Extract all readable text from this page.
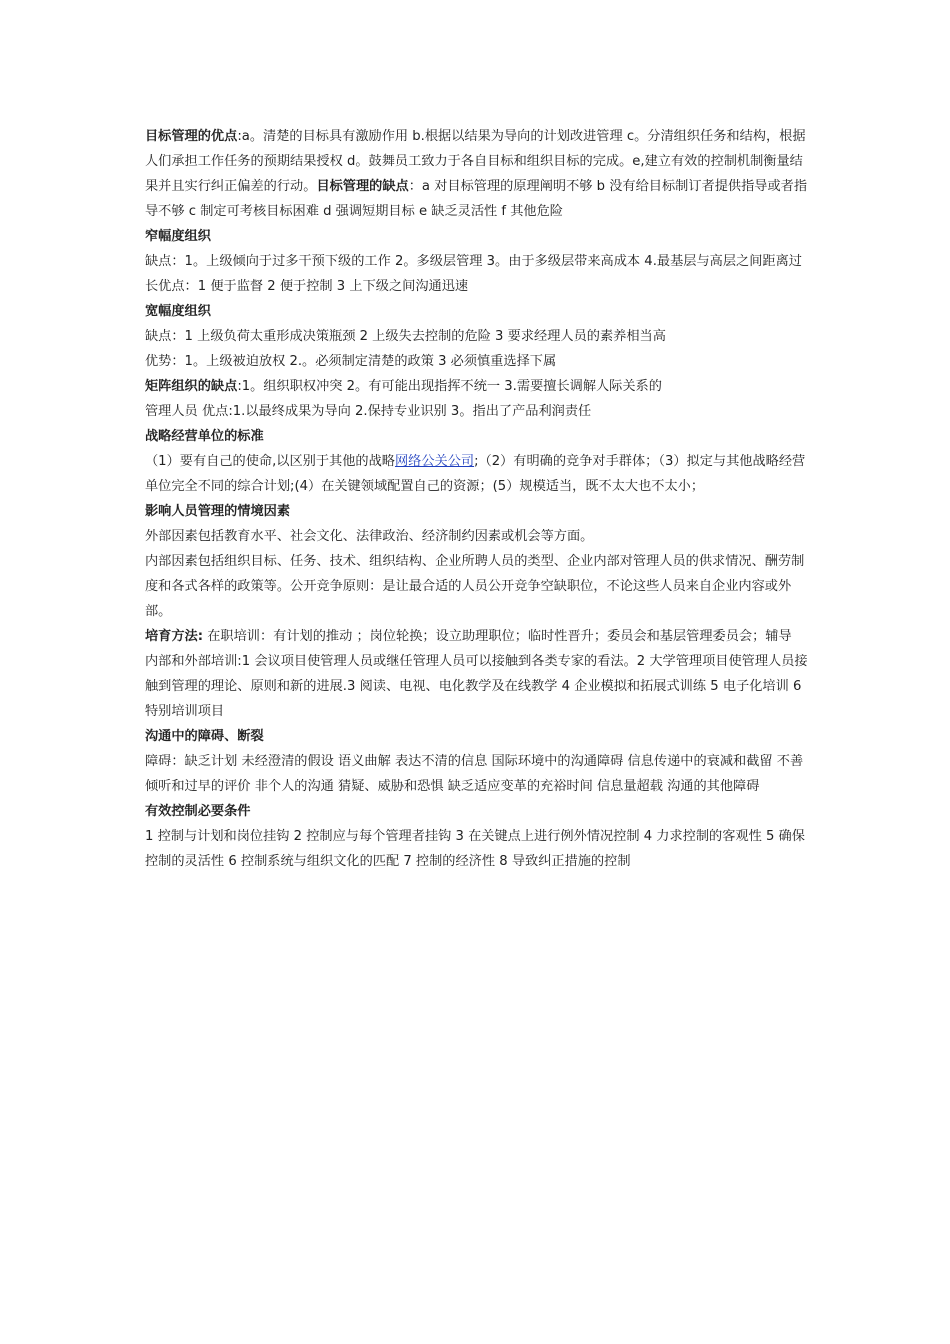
目标管理的优点:a。清楚的目标具有激励作用 b.根据以结果为导向的计划改进管理 c。分清组织任务和结构，根据人们承担工作任务的预期结果授权 d。鼓舞员工致力于各自目标和组织目标的完成。e,建立有效的控制机制衡量结果并且实行纠正偏差的行动。目标管理的缺点：a 对目标管理的原理阐明不够 b 没有给目标制订者提供指导或者指导不够 c 制定可考核目标困难 d 强调短期目标 e 缺乏灵活性 f 其他危险

窄幅度组织

缺点：1。上级倾向于过多干预下级的工作 2。多级层管理 3。由于多级层带来高成本 4.最基层与高层之间距离过长优点：1 便于监督 2 便于控制 3 上下级之间沟通迅速

宽幅度组织

缺点：1 上级负荷太重形成决策瓶颈 2 上级失去控制的危险 3 要求经理人员的素养相当高

优势：1。上级被迫放权 2.。必须制定清楚的政策 3 必须慎重选择下属

矩阵组织的缺点:1。组织职权冲突 2。有可能出现指挥不统一 3.需要擅长调解人际关系的

管理人员 优点:1.以最终成果为导向 2.保持专业识别 3。指出了产品利润责任

战略经营单位的标准

（1）要有自己的使命,以区别于其他的战略网络公关公司;（2）有明确的竞争对手群体；（3）拟定与其他战略经营单位完全不同的综合计划;(4）在关键领域配置自己的资源；(5）规模适当，既不太大也不太小；

影响人员管理的情境因素

外部因素包括教育水平、社会文化、法律政治、经济制约因素或机会等方面。

内部因素包括组织目标、任务、技术、组织结构、企业所聘人员的类型、企业内部对管理人员的供求情况、酬劳制度和各式各样的政策等。公开竞争原则：是让最合适的人员公开竞争空缺职位，不论这些人员来自企业内容或外部。

培育方法: 在职培训：有计划的推动 ；岗位轮换；设立助理职位；临时性晋升；委员会和基层管理委员会；辅导

内部和外部培训:1 会议项目使管理人员或继任管理人员可以接触到各类专家的看法。2 大学管理项目使管理人员接触到管理的理论、原则和新的进展.3 阅读、电视、电化教学及在线教学 4 企业模拟和拓展式训练 5 电子化培训 6 特别培训项目

沟通中的障碍、断裂

障碍：缺乏计划 未经澄清的假设 语义曲解 表达不清的信息 国际环境中的沟通障碍 信息传递中的衰减和截留 不善倾听和过早的评价 非个人的沟通 猜疑、威胁和恐惧 缺乏适应变革的充裕时间 信息量超载 沟通的其他障碍

有效控制必要条件

1 控制与计划和岗位挂钩 2 控制应与每个管理者挂钩 3 在关键点上进行例外情况控制 4 力求控制的客观性 5 确保控制的灵活性 6 控制系统与组织文化的匹配 7 控制的经济性 8 导致纠正措施的控制
